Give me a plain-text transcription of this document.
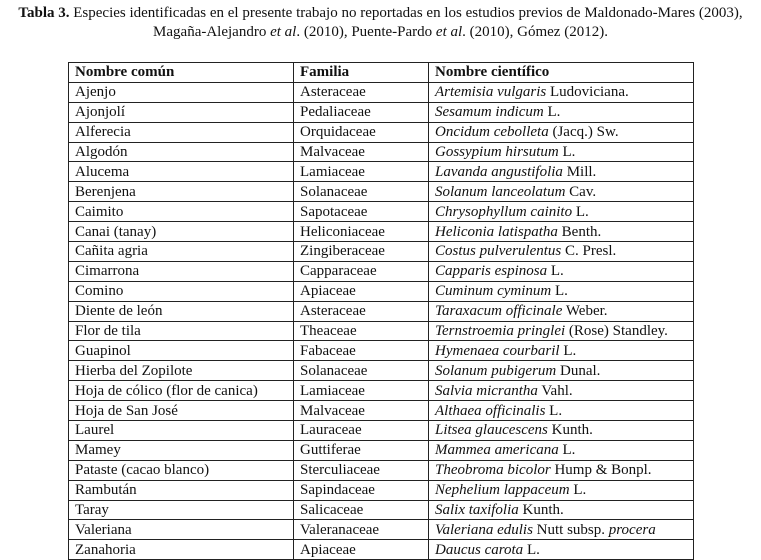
Tabla 3. Especies identificadas en el presente trabajo no reportadas en los estudios previos de Maldonado-Mares (2003),
Magaña-Alejandro et al. (2010), Puente-Pardo et al. (2010), Gómez (2012).
Nombre común	Familia	Nombre científico
Ajenjo	Asteraceae	Artemisia vulgaris Ludoviciana.
Ajonjolí	Pedaliaceae	Sesamum indicum L.
Alferecia	Orquidaceae	Oncidum cebolleta (Jacq.) Sw.
Algodón	Malvaceae	Gossypium hirsutum L.
Alucema	Lamiaceae	Lavanda angustifolia Mill.
Berenjena	Solanaceae	Solanum lanceolatum Cav.
Caimito	Sapotaceae	Chrysophyllum cainito L.
Canai (tanay)	Heliconiaceae	Heliconia latispatha Benth.
Cañita agria	Zingiberaceae	Costus pulverulentus C. Presl.
Cimarrona	Capparaceae	Capparis espinosa L.
Comino	Apiaceae	Cuminum cyminum L.
Diente de león	Asteraceae	Taraxacum officinale Weber.
Flor de tila	Theaceae	Ternstroemia pringlei (Rose) Standley.
Guapinol	Fabaceae	Hymenaea courbaril L.
Hierba del Zopilote	Solanaceae	Solanum pubigerum Dunal.
Hoja de cólico (flor de canica)	Lamiaceae	Salvia micrantha Vahl.
Hoja de San José	Malvaceae	Althaea officinalis L.
Laurel	Lauraceae	Litsea glaucescens Kunth.
Mamey	Guttiferae	Mammea americana L.
Pataste (cacao blanco)	Sterculiaceae	Theobroma bicolor Hump & Bonpl.
Rambután	Sapindaceae	Nephelium lappaceum L.
Taray	Salicaceae	Salix taxifolia Kunth.
Valeriana	Valeranaceae	Valeriana edulis Nutt subsp. procera
Zanahoria	Apiaceae	Daucus carota L.
